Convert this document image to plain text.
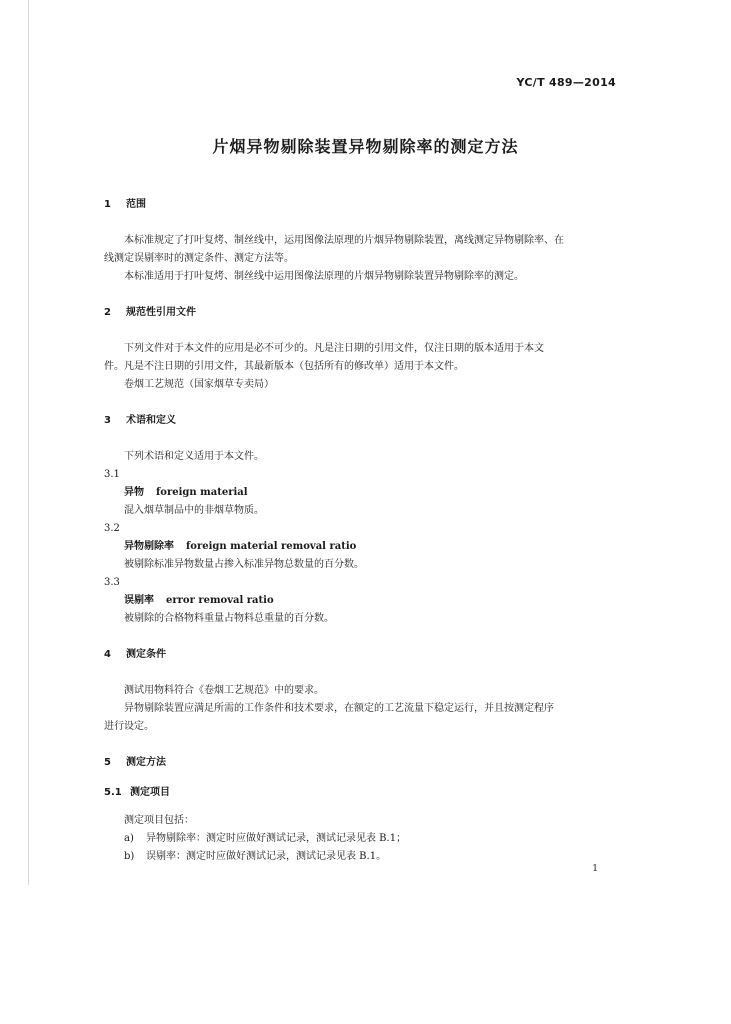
YC/T 489—2014
片烟异物剔除装置异物剔除率的测定方法
1 范围
本标准规定了打叶复烤、制丝线中，运用图像法原理的片烟异物剔除装置，离线测定异物剔除率、在
线测定误剔率时的测定条件、测定方法等。
本标准适用于打叶复烤、制丝线中运用图像法原理的片烟异物剔除装置异物剔除率的测定。
2 规范性引用文件
下列文件对于本文件的应用是必不可少的。凡是注日期的引用文件，仅注日期的版本适用于本文
件。凡是不注日期的引用文件，其最新版本（包括所有的修改单）适用于本文件。
卷烟工艺规范（国家烟草专卖局）
3 术语和定义
下列术语和定义适用于本文件。
3.1
异物 foreign material
混入烟草制品中的非烟草物质。
3.2
异物剔除率 foreign material removal ratio
被剔除标准异物数量占掺入标准异物总数量的百分数。
3.3
误剔率 error removal ratio
被剔除的合格物料重量占物料总重量的百分数。
4 测定条件
测试用物料符合《卷烟工艺规范》中的要求。
异物剔除装置应满足所需的工作条件和技术要求，在额定的工艺流量下稳定运行，并且按测定程序
进行设定。
5 测定方法
5.1 测定项目
测定项目包括：
a) 异物剔除率：测定时应做好测试记录，测试记录见表 B.1；
b) 误剔率：测定时应做好测试记录，测试记录见表 B.1。
1
